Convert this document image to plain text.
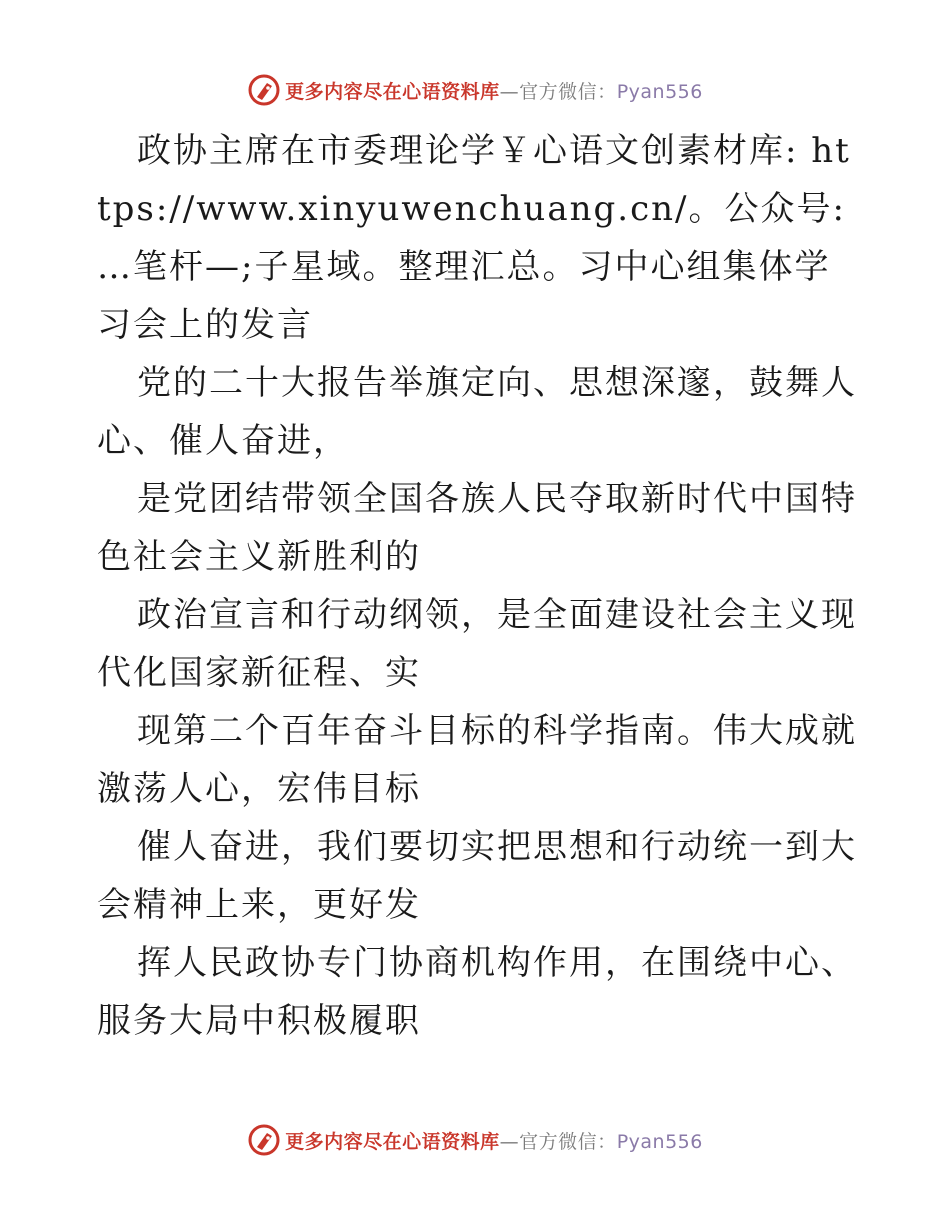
更多内容尽在心语资料库—官方微信：Pyan556

政协主席在市委理论学￥心语文创素材库: https://www.xinyuwenchuang.cn/。公众号: …笔杆—;子星域。整理汇总。习中心组集体学习会上的发言

党的二十大报告举旗定向、思想深邃，鼓舞人心、催人奋进，

是党团结带领全国各族人民夺取新时代中国特色社会主义新胜利的

政治宣言和行动纲领，是全面建设社会主义现代化国家新征程、实

现第二个百年奋斗目标的科学指南。伟大成就激荡人心，宏伟目标

催人奋进，我们要切实把思想和行动统一到大会精神上来，更好发

挥人民政协专门协商机构作用，在围绕中心、服务大局中积极履职

更多内容尽在心语资料库—官方微信：Pyan556
